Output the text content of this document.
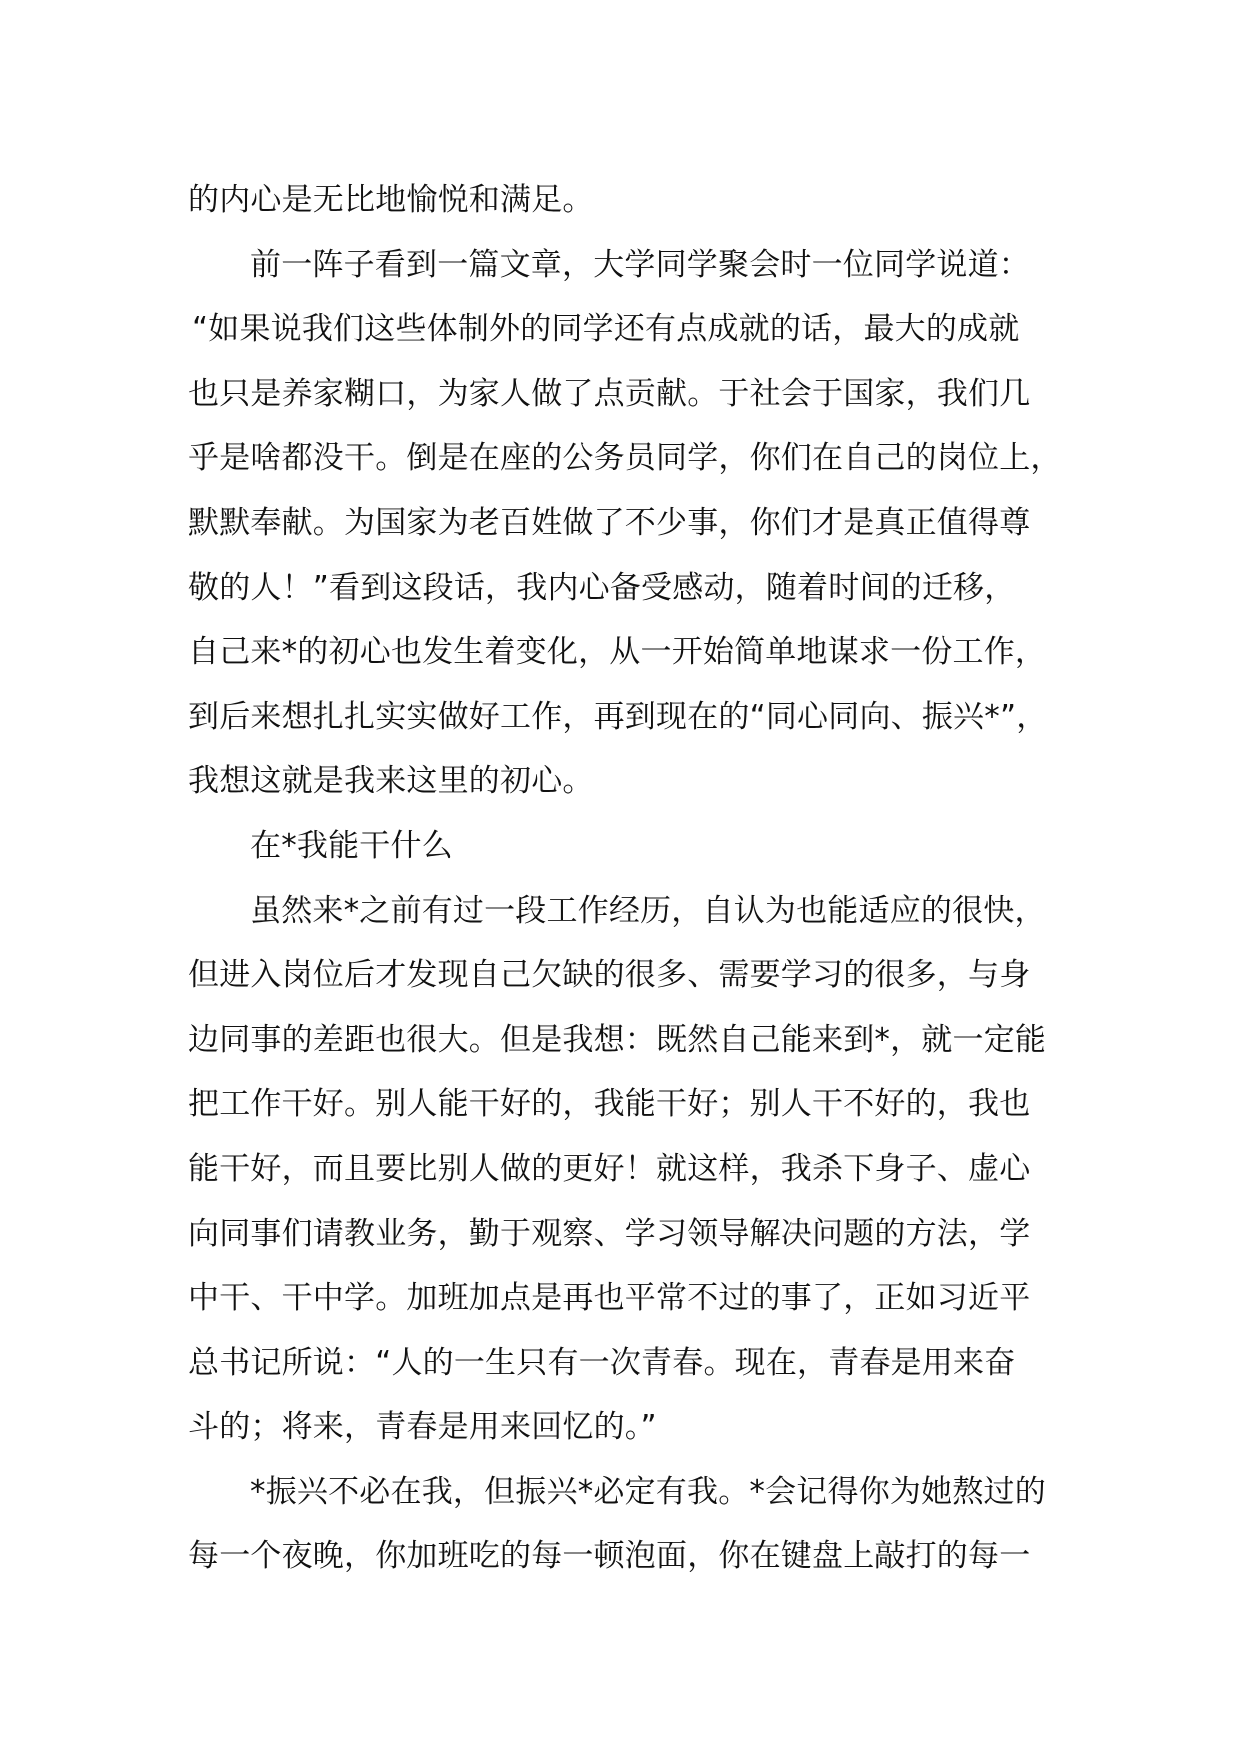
的内心是无比地愉悦和满足。
前一阵子看到一篇文章，大学同学聚会时一位同学说道：
“如果说我们这些体制外的同学还有点成就的话，最大的成就
也只是养家糊口，为家人做了点贡献。于社会于国家，我们几
乎是啥都没干。倒是在座的公务员同学，你们在自己的岗位上，
默默奉献。为国家为老百姓做了不少事，你们才是真正值得尊
敬的人！”看到这段话，我内心备受感动，随着时间的迁移，
自己来*的初心也发生着变化，从一开始简单地谋求一份工作，
到后来想扎扎实实做好工作，再到现在的“同心同向、振兴*”，
我想这就是我来这里的初心。
在*我能干什么
虽然来*之前有过一段工作经历，自认为也能适应的很快，
但进入岗位后才发现自己欠缺的很多、需要学习的很多，与身
边同事的差距也很大。但是我想：既然自己能来到*，就一定能
把工作干好。别人能干好的，我能干好；别人干不好的，我也
能干好，而且要比别人做的更好！就这样，我杀下身子、虚心
向同事们请教业务，勤于观察、学习领导解决问题的方法，学
中干、干中学。加班加点是再也平常不过的事了，正如习近平
总书记所说：“人的一生只有一次青春。现在，青春是用来奋
斗的；将来，青春是用来回忆的。”
*振兴不必在我，但振兴*必定有我。*会记得你为她熬过的
每一个夜晚，你加班吃的每一顿泡面，你在键盘上敲打的每一
